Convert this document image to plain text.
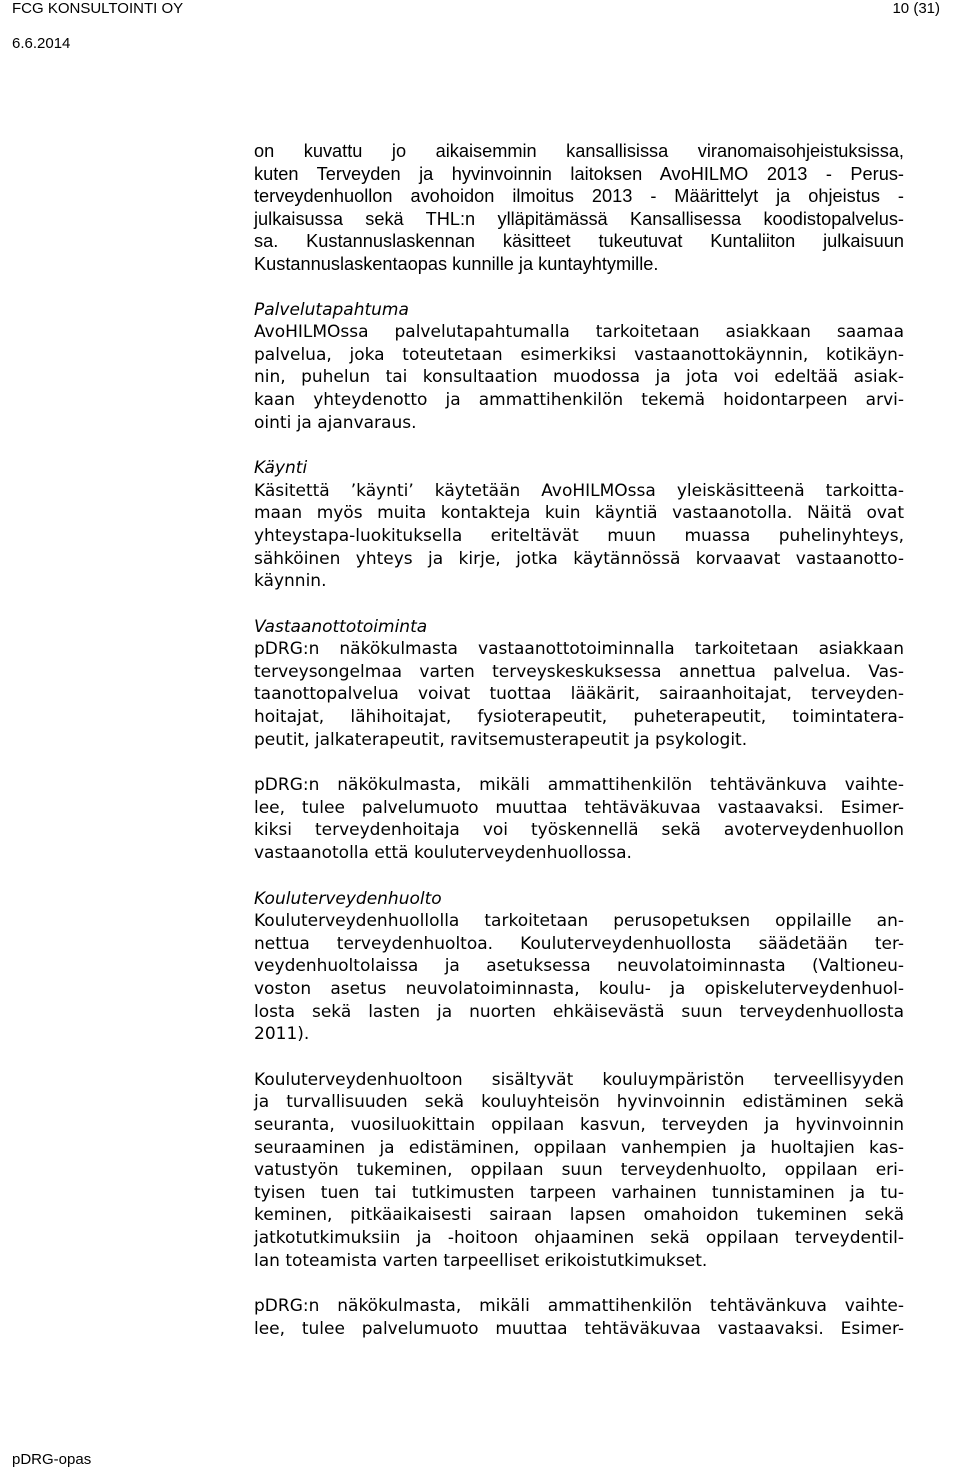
FCG KONSULTOINTI OY	10 (31)
6.6.2014
on kuvattu jo aikaisemmin kansallisissa viranomaisohjeistuksissa,
kuten Terveyden ja hyvinvoinnin laitoksen AvoHILMO 2013 - Perus-
terveydenhuollon avohoidon ilmoitus 2013 - Määrittelyt ja ohjeistus -
julkaisussa sekä THL:n ylläpitämässä Kansallisessa koodistopalvelus-
sa. Kustannuslaskennan käsitteet tukeutuvat Kuntaliiton julkaisuun
Kustannuslaskentaopas kunnille ja kuntayhtymille.
Palvelutapahtuma
AvoHILMOssa palvelutapahtumalla tarkoitetaan asiakkaan saamaa
palvelua, joka toteutetaan esimerkiksi vastaanottokäynnin, kotikäyn-
nin, puhelun tai konsultaation muodossa ja jota voi edeltää asiak-
kaan yhteydenotto ja ammattihenkilön tekemä hoidontarpeen arvi-
ointi ja ajanvaraus.
Käynti
Käsitettä ’käynti’ käytetään AvoHILMOssa yleiskäsitteenä tarkoitta-
maan myös muita kontakteja kuin käyntiä vastaanotolla. Näitä ovat
yhteystapa-luokituksella eriteltävät muun muassa puhelinyhteys,
sähköinen yhteys ja kirje, jotka käytännössä korvaavat vastaanotto-
käynnin.
Vastaanottotoiminta
pDRG:n näkökulmasta vastaanottotoiminnalla tarkoitetaan asiakkaan
terveysongelmaa varten terveyskeskuksessa annettua palvelua. Vas-
taanottopalvelua voivat tuottaa lääkärit, sairaanhoitajat, terveyden-
hoitajat, lähihoitajat, fysioterapeutit, puheterapeutit, toimintatera-
peutit, jalkaterapeutit, ravitsemusterapeutit ja psykologit.
pDRG:n näkökulmasta, mikäli ammattihenkilön tehtävänkuva vaihte-
lee, tulee palvelumuoto muuttaa tehtäväkuvaa vastaavaksi. Esimer-
kiksi terveydenhoitaja voi työskennellä sekä avoterveydenhuollon
vastaanotolla että kouluterveydenhuollossa.
Kouluterveydenhuolto
Kouluterveydenhuollolla tarkoitetaan perusopetuksen oppilaille an-
nettua terveydenhuoltoa. Kouluterveydenhuollosta säädetään ter-
veydenhuoltolaissa ja asetuksessa neuvolatoiminnasta (Valtioneu-
voston asetus neuvolatoiminnasta, koulu- ja opiskeluterveydenhuol-
losta sekä lasten ja nuorten ehkäisevästä suun terveydenhuollosta
2011).
Kouluterveydenhuoltoon sisältyvät kouluympäristön terveellisyyden
ja turvallisuuden sekä kouluyhteisön hyvinvoinnin edistäminen sekä
seuranta, vuosiluokittain oppilaan kasvun, terveyden ja hyvinvoinnin
seuraaminen ja edistäminen, oppilaan vanhempien ja huoltajien kas-
vatustyön tukeminen, oppilaan suun terveydenhuolto, oppilaan eri-
tyisen tuen tai tutkimusten tarpeen varhainen tunnistaminen ja tu-
keminen, pitkäaikaisesti sairaan lapsen omahoidon tukeminen sekä
jatkotutkimuksiin ja -hoitoon ohjaaminen sekä oppilaan terveydentil-
lan toteamista varten tarpeelliset erikoistutkimukset.
pDRG:n näkökulmasta, mikäli ammattihenkilön tehtävänkuva vaihte-
lee, tulee palvelumuoto muuttaa tehtäväkuvaa vastaavaksi. Esimer-
pDRG-opas
